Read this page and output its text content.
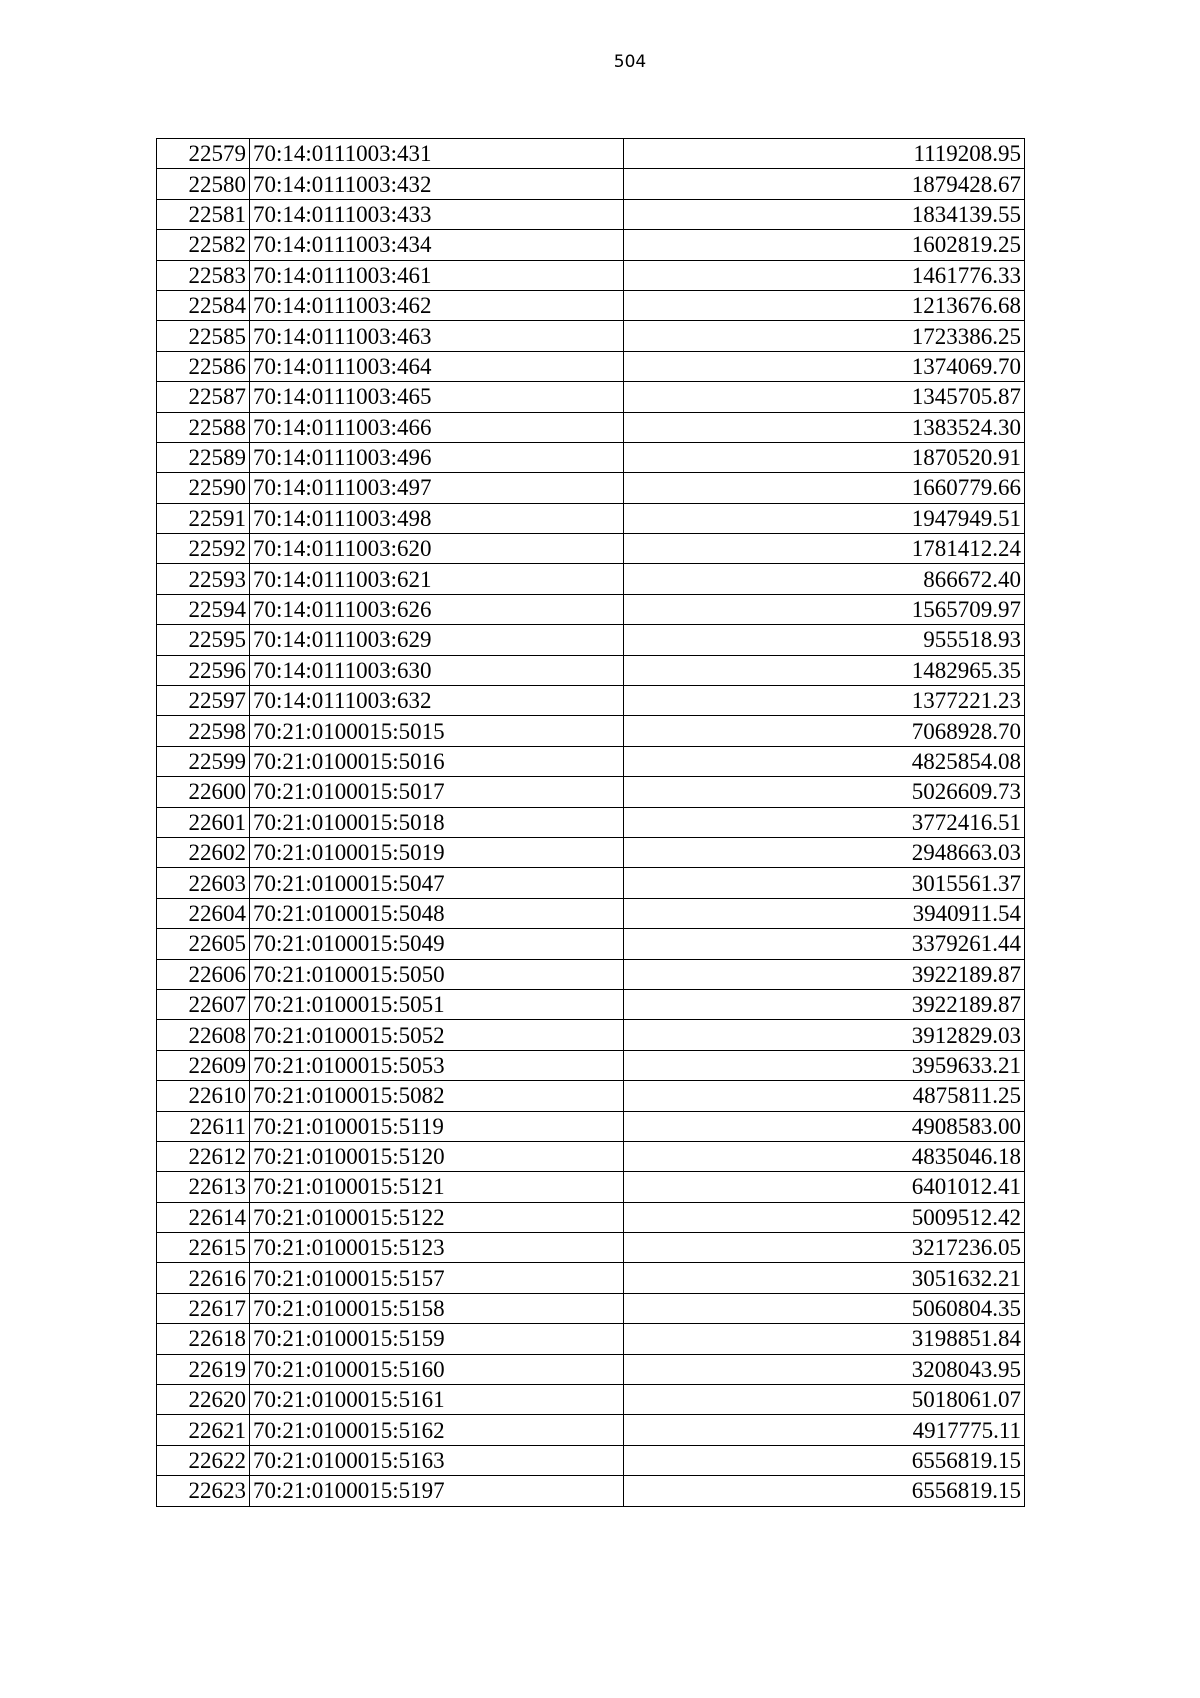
504
22579	70:14:0111003:431	1119208.95
22580	70:14:0111003:432	1879428.67
22581	70:14:0111003:433	1834139.55
22582	70:14:0111003:434	1602819.25
22583	70:14:0111003:461	1461776.33
22584	70:14:0111003:462	1213676.68
22585	70:14:0111003:463	1723386.25
22586	70:14:0111003:464	1374069.70
22587	70:14:0111003:465	1345705.87
22588	70:14:0111003:466	1383524.30
22589	70:14:0111003:496	1870520.91
22590	70:14:0111003:497	1660779.66
22591	70:14:0111003:498	1947949.51
22592	70:14:0111003:620	1781412.24
22593	70:14:0111003:621	866672.40
22594	70:14:0111003:626	1565709.97
22595	70:14:0111003:629	955518.93
22596	70:14:0111003:630	1482965.35
22597	70:14:0111003:632	1377221.23
22598	70:21:0100015:5015	7068928.70
22599	70:21:0100015:5016	4825854.08
22600	70:21:0100015:5017	5026609.73
22601	70:21:0100015:5018	3772416.51
22602	70:21:0100015:5019	2948663.03
22603	70:21:0100015:5047	3015561.37
22604	70:21:0100015:5048	3940911.54
22605	70:21:0100015:5049	3379261.44
22606	70:21:0100015:5050	3922189.87
22607	70:21:0100015:5051	3922189.87
22608	70:21:0100015:5052	3912829.03
22609	70:21:0100015:5053	3959633.21
22610	70:21:0100015:5082	4875811.25
22611	70:21:0100015:5119	4908583.00
22612	70:21:0100015:5120	4835046.18
22613	70:21:0100015:5121	6401012.41
22614	70:21:0100015:5122	5009512.42
22615	70:21:0100015:5123	3217236.05
22616	70:21:0100015:5157	3051632.21
22617	70:21:0100015:5158	5060804.35
22618	70:21:0100015:5159	3198851.84
22619	70:21:0100015:5160	3208043.95
22620	70:21:0100015:5161	5018061.07
22621	70:21:0100015:5162	4917775.11
22622	70:21:0100015:5163	6556819.15
22623	70:21:0100015:5197	6556819.15
